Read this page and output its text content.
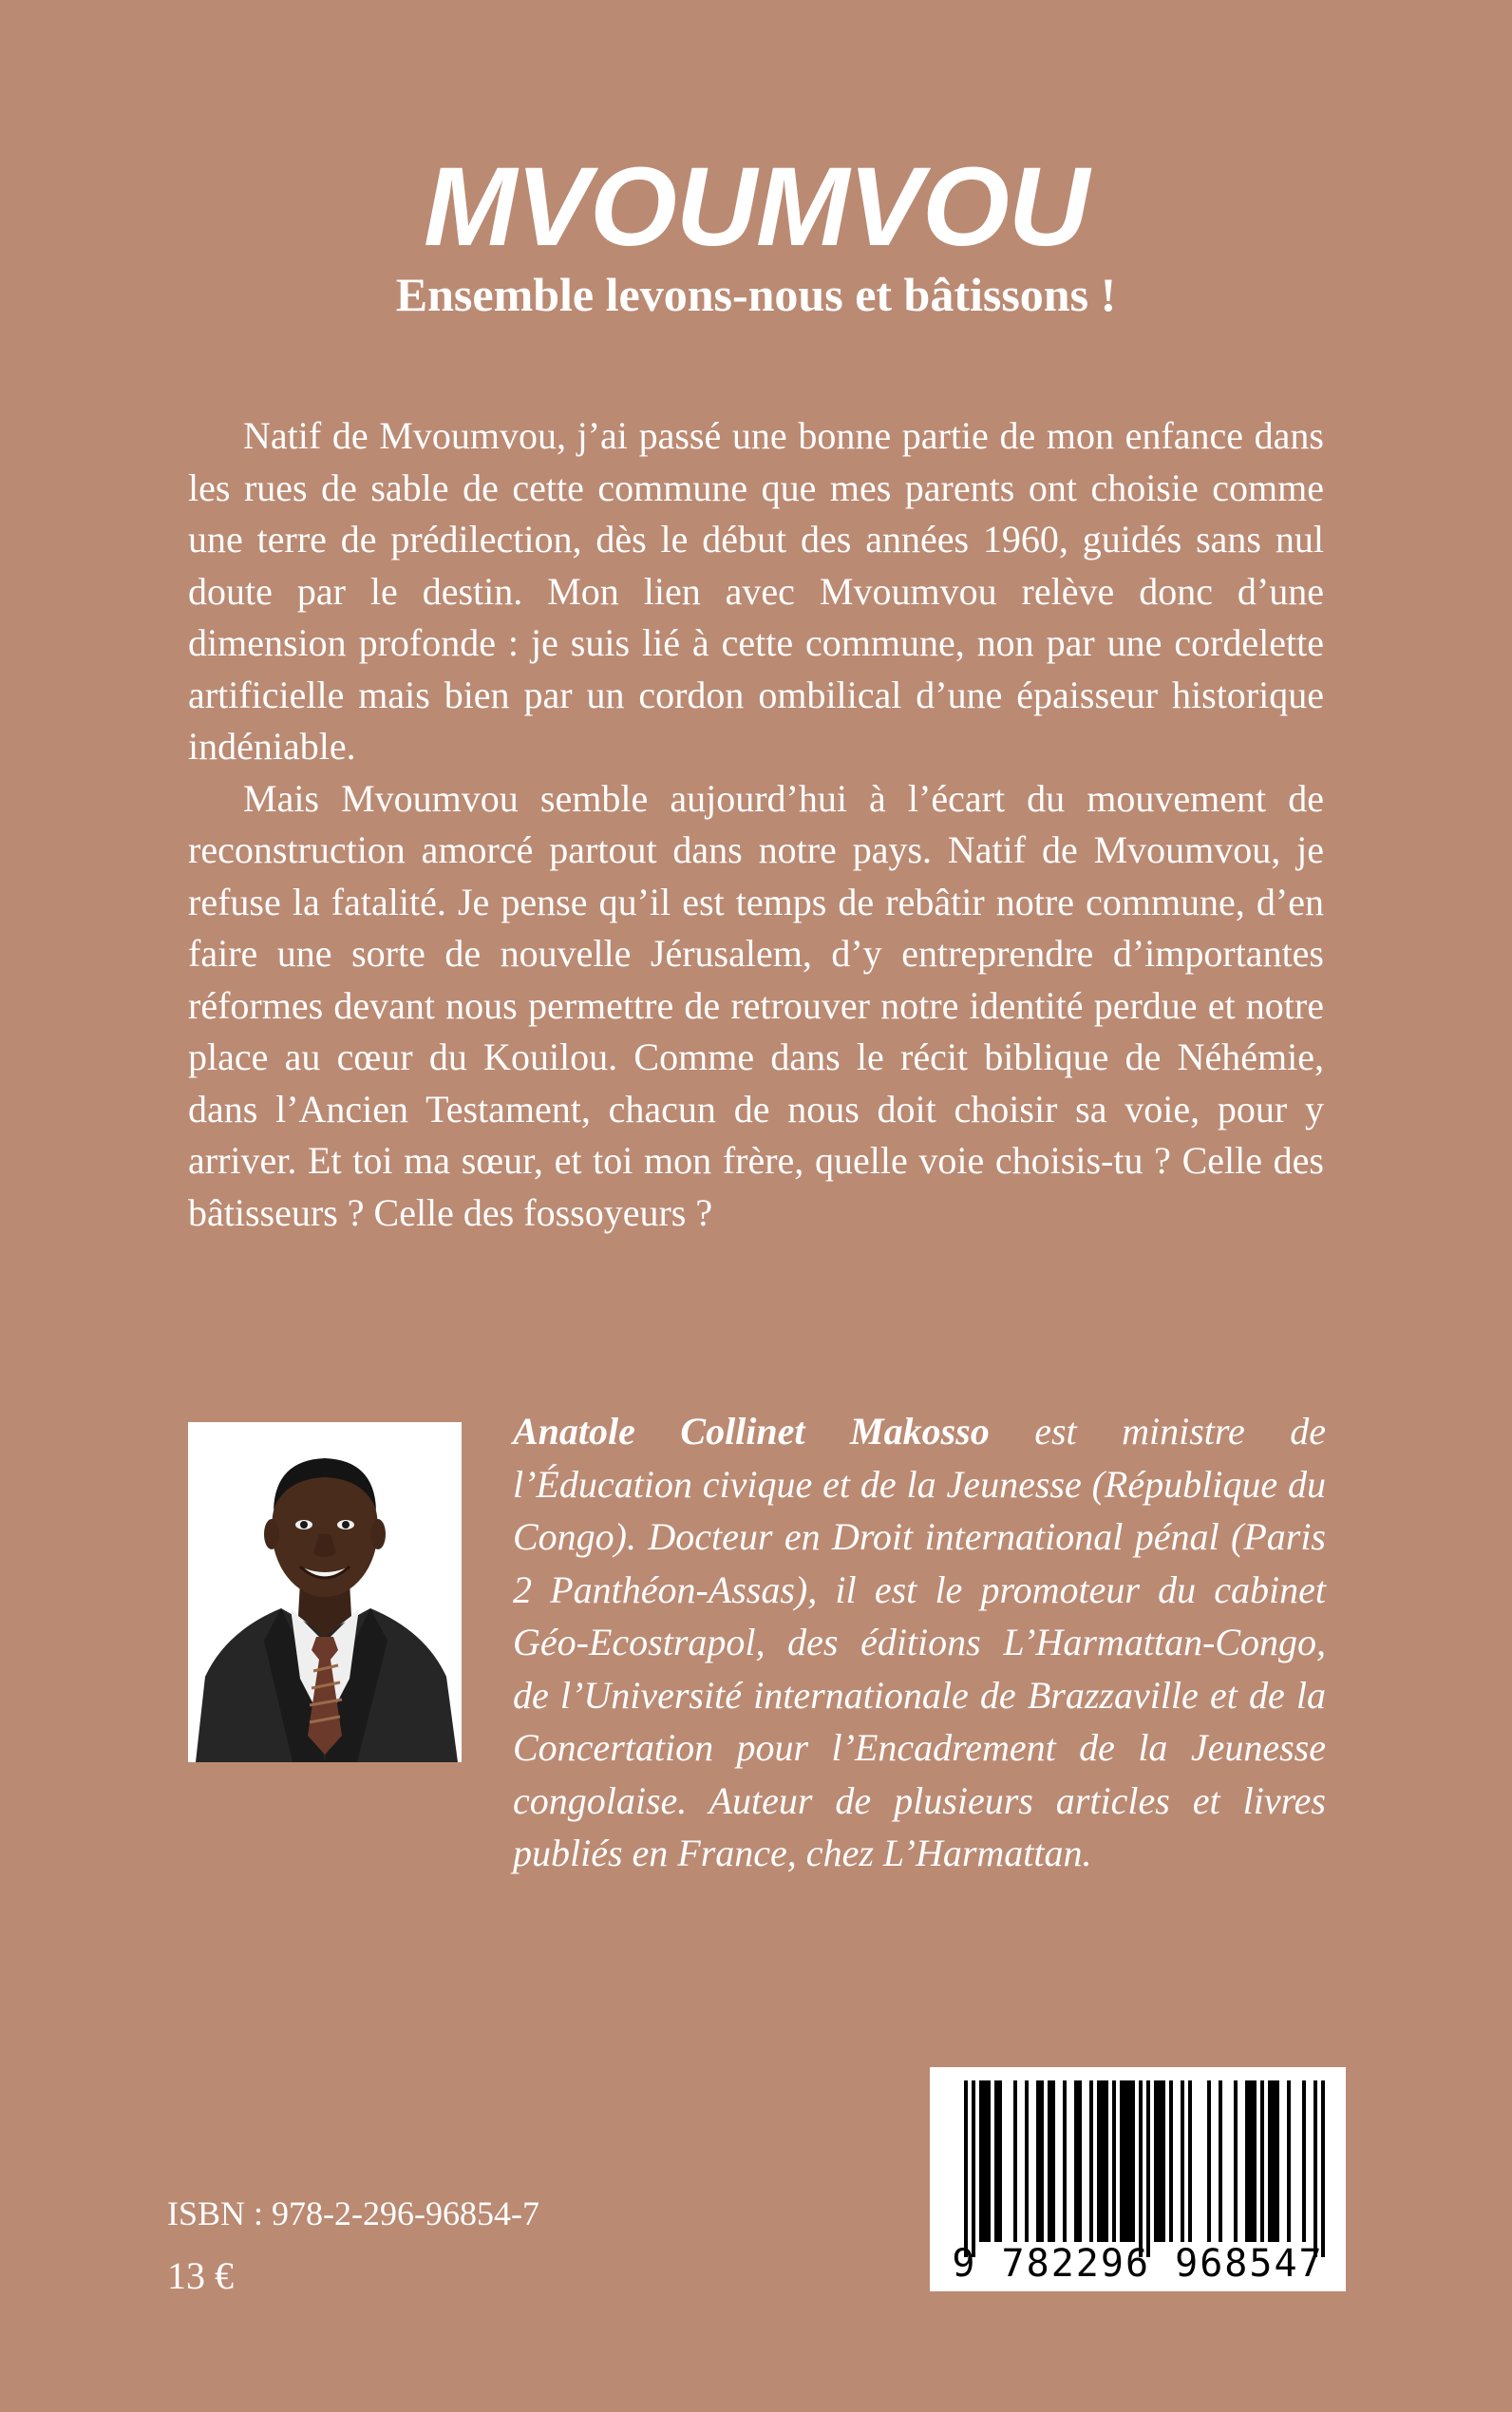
MVOUMVOU
Ensemble levons-nous et bâtissons !

Natif de Mvoumvou, j’ai passé une bonne partie de mon enfance dans les rues de sable de cette commune que mes parents ont choisie comme une terre de prédilection, dès le début des années 1960, guidés sans nul doute par le destin. Mon lien avec Mvoumvou relève donc d’une dimension profonde : je suis lié à cette commune, non par une cordelette artificielle mais bien par un cordon ombilical d’une épaisseur historique indéniable.

Mais Mvoumvou semble aujourd’hui à l’écart du mouvement de reconstruction amorcé partout dans notre pays. Natif de Mvoumvou, je refuse la fatalité. Je pense qu’il est temps de rebâtir notre commune, d’en faire une sorte de nouvelle Jérusalem, d’y entreprendre d’importantes réformes devant nous permettre de retrouver notre identité perdue et notre place au cœur du Kouilou. Comme dans le récit biblique de Néhémie, dans l’Ancien Testament, chacun de nous doit choisir sa voie, pour y arriver. Et toi ma sœur, et toi mon frère, quelle voie choisis-tu ? Celle des bâtisseurs ? Celle des fossoyeurs ?

Anatole Collinet Makosso est ministre de l’Éducation civique et de la Jeunesse (République du Congo). Docteur en Droit international pénal (Paris 2 Panthéon-Assas), il est le promoteur du cabinet Géo-Ecostrapol, des éditions L’Harmattan-Congo, de l’Université internationale de Brazzaville et de la Concertation pour l’Encadrement de la Jeunesse congolaise. Auteur de plusieurs articles et livres publiés en France, chez L’Harmattan.
ISBN : 978-2-296-96854-7
13 €	9 782296 968547
